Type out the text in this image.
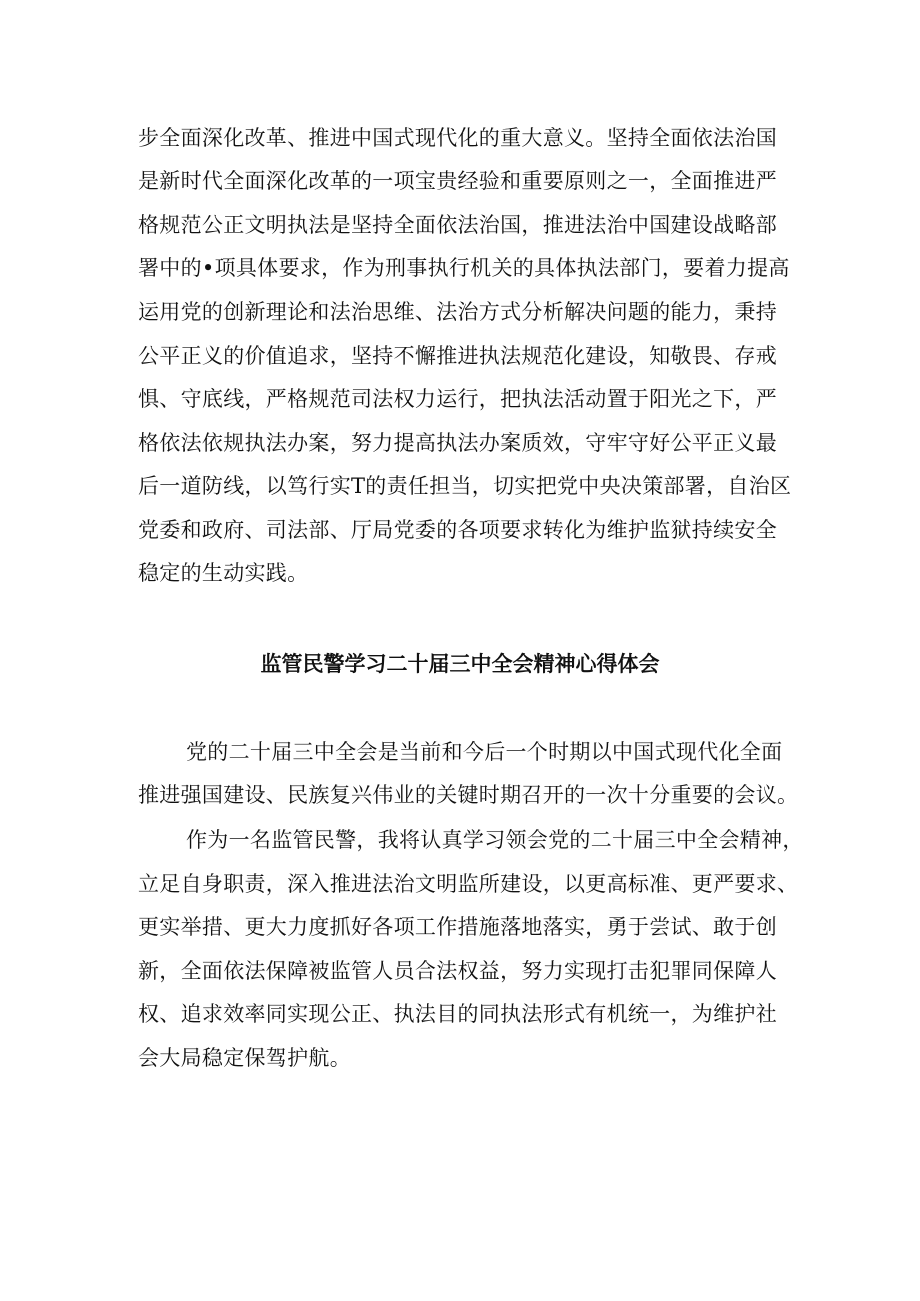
步全面深化改革、推进中国式现代化的重大意义。坚持全面依法治国
是新时代全面深化改革的一项宝贵经验和重要原则之一，全面推进严
格规范公正文明执法是坚持全面依法治国，推进法治中国建设战略部
署中的•项具体要求，作为刑事执行机关的具体执法部门，要着力提高
运用党的创新理论和法治思维、法治方式分析解决问题的能力，秉持
公平正义的价值追求，坚持不懈推进执法规范化建设，知敬畏、存戒
惧、守底线，严格规范司法权力运行，把执法活动置于阳光之下，严
格依法依规执法办案，努力提高执法办案质效，守牢守好公平正义最
后一道防线，以笃行实T的责任担当，切实把党中央决策部署，自治区
党委和政府、司法部、厅局党委的各项要求转化为维护监狱持续安全
稳定的生动实践。
监管民警学习二十届三中全会精神心得体会
党的二十届三中全会是当前和今后一个时期以中国式现代化全面
推进强国建设、民族复兴伟业的关键时期召开的一次十分重要的会议。
作为一名监管民警，我将认真学习领会党的二十届三中全会精神，
立足自身职责，深入推进法治文明监所建设，以更高标准、更严要求、
更实举措、更大力度抓好各项工作措施落地落实，勇于尝试、敢于创
新，全面依法保障被监管人员合法权益，努力实现打击犯罪同保障人
权、追求效率同实现公正、执法目的同执法形式有机统一，为维护社
会大局稳定保驾护航。
